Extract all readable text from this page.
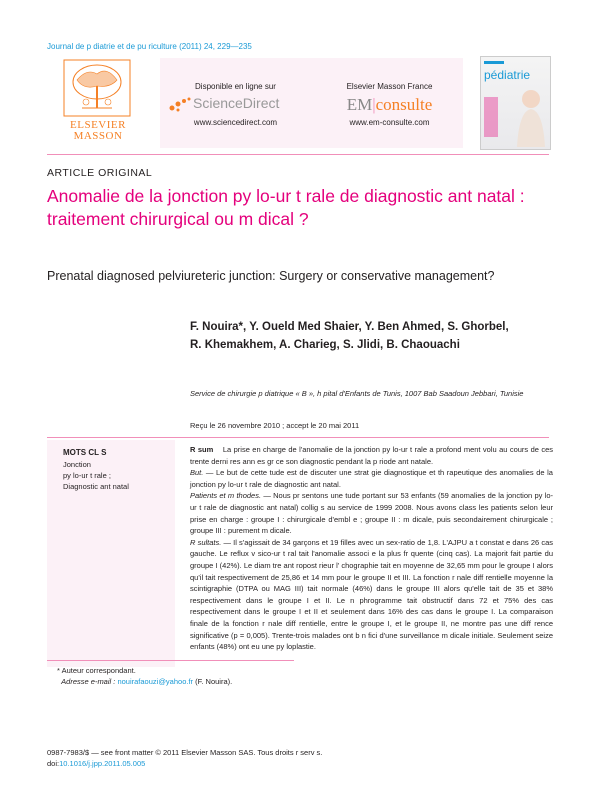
Journal de p diatrie et de pu riculture (2011) 24, 229—235
ELSEVIER
MASSON
Disponible en ligne sur
ScienceDirect
www.sciencedirect.com
Elsevier Masson France
EM|consulte
www.em-consulte.com
pédiatrie
ARTICLE ORIGINAL
Anomalie de la jonction py lo-ur t rale de diagnostic ant natal : traitement chirurgical ou m dical ?
Prenatal diagnosed pelviureteric junction: Surgery or conservative management?
F. Nouira*, Y. Oueld Med Shaier, Y. Ben Ahmed, S. Ghorbel, R. Khemakhem, A. Charieg, S. Jlidi, B. Chaouachi
Service de chirurgie p diatrique « B », h pital d'Enfants de Tunis, 1007 Bab Saadoun Jebbari, Tunisie
Reçu le 26 novembre 2010 ; accept le 20 mai 2011
MOTS CL S
Jonction
py lo-ur t rale ;
Diagnostic ant natal

R sum La prise en charge de l'anomalie de la jonction py lo-ur t rale a profond ment volu au cours de ces trente derni res ann es gr ce son diagnostic pendant la p riode ant natale.

But. — Le but de cette tude est de discuter une strat gie diagnostique et th rapeutique des anomalies de la jonction py lo-ur t rale de diagnostic ant natal.

Patients et m thodes. — Nous pr sentons une tude portant sur 53 enfants (59 anomalies de la jonction py lo-ur t rale de diagnostic ant natal) collig s au service de 1999 2008. Nous avons class les patients selon leur prise en charge : groupe I : chirurgicale d'embl e ; groupe II : m dicale, puis secondairement chirurgicale ; groupe III : purement m dicale.

R sultats. — Il s'agissait de 34 garçons et 19 filles avec un sex-ratio de 1,8. L'AJPU a t constat e dans 26 cas gauche. Le reflux v sico-ur t ral tait l'anomalie associ e la plus fr quente (cinq cas). La majorit fait partie du groupe I (42%). Le diam tre ant ropost rieur l' chographie tait en moyenne de 32,65 mm pour le groupe I alors qu'il tait respectivement de 25,86 et 14 mm pour le groupe II et III. La fonction r nale diff rentielle moyenne la scintigraphie (DTPA ou MAG III) tait normale (46%) dans le groupe III alors qu'elle tait de 35 et 38% respectivement dans le groupe I et II. Le n phrogramme tait obstructif dans 72 et 75% des cas respectivement dans le groupe I et II et seulement dans 16% des cas dans le groupe I. La comparaison finale de la fonction r nale diff rentielle, entre le groupe I, et le groupe II, ne montre pas une diff rence significative (p = 0,005). Trente-trois malades ont b n fici d'une surveillance m dicale initiale. Seulement seize enfants (48%) ont eu une py loplastie.

* Auteur correspondant.
Adresse e-mail : nouirafaouzi@yahoo.fr (F. Nouira).
0987-7983/$ — see front matter © 2011 Elsevier Masson SAS. Tous droits r serv s.
doi:10.1016/j.jpp.2011.05.005
